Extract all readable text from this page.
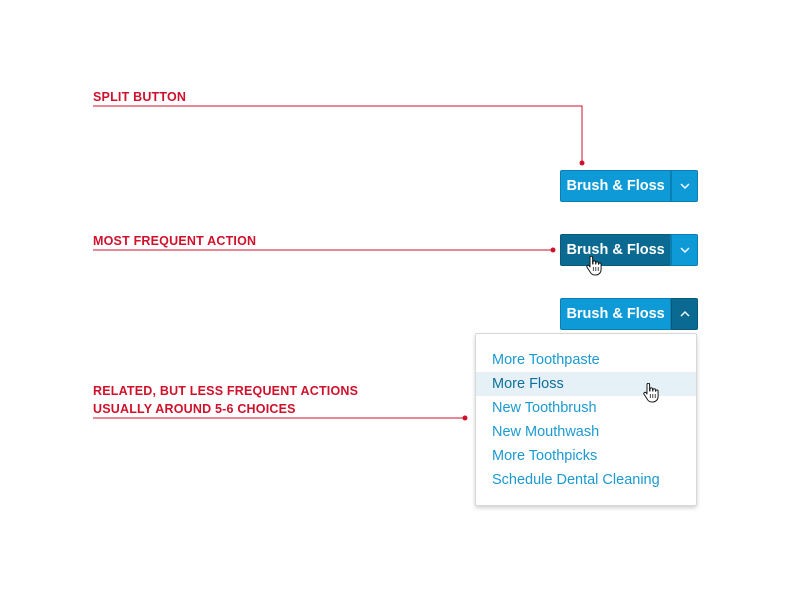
SPLIT BUTTON
MOST FREQUENT ACTION
RELATED, BUT LESS FREQUENT ACTIONS
USUALLY AROUND 5-6 CHOICES
Brush & Floss
Brush & Floss
Brush & Floss
More Toothpaste
More Floss
New Toothbrush
New Mouthwash
More Toothpicks
Schedule Dental Cleaning
